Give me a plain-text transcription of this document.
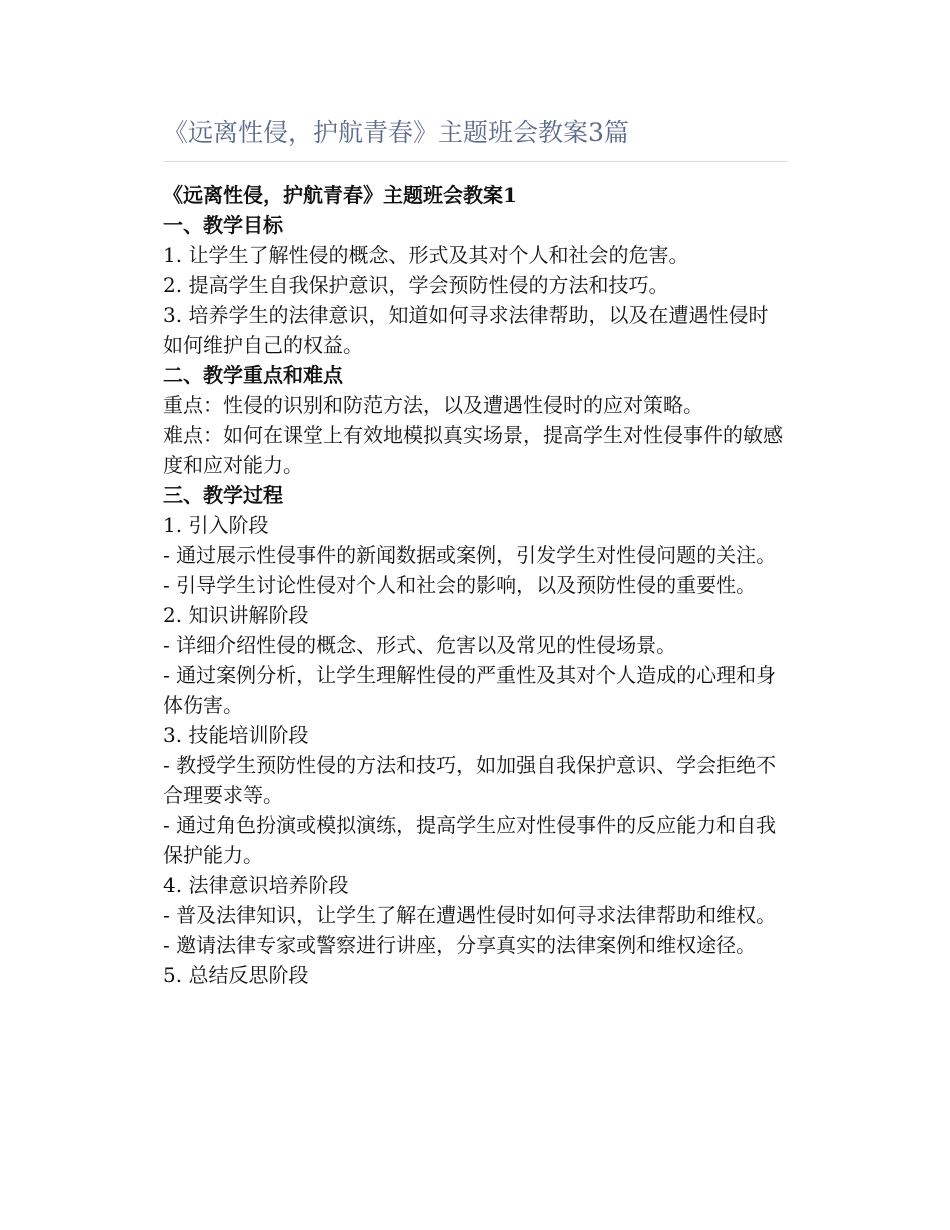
《远离性侵，护航青春》主题班会教案3篇

《远离性侵，护航青春》主题班会教案1

一、教学目标

1. 让学生了解性侵的概念、形式及其对个人和社会的危害。

2. 提高学生自我保护意识，学会预防性侵的方法和技巧。

3. 培养学生的法律意识，知道如何寻求法律帮助，以及在遭遇性侵时如何维护自己的权益。

二、教学重点和难点

重点：性侵的识别和防范方法，以及遭遇性侵时的应对策略。

难点：如何在课堂上有效地模拟真实场景，提高学生对性侵事件的敏感度和应对能力。

三、教学过程

1. 引入阶段

- 通过展示性侵事件的新闻数据或案例，引发学生对性侵问题的关注。

- 引导学生讨论性侵对个人和社会的影响，以及预防性侵的重要性。

2. 知识讲解阶段

- 详细介绍性侵的概念、形式、危害以及常见的性侵场景。

- 通过案例分析，让学生理解性侵的严重性及其对个人造成的心理和身体伤害。

3. 技能培训阶段

- 教授学生预防性侵的方法和技巧，如加强自我保护意识、学会拒绝不合理要求等。

- 通过角色扮演或模拟演练，提高学生应对性侵事件的反应能力和自我保护能力。

4. 法律意识培养阶段

- 普及法律知识，让学生了解在遭遇性侵时如何寻求法律帮助和维权。

- 邀请法律专家或警察进行讲座，分享真实的法律案例和维权途径。

5. 总结反思阶段
